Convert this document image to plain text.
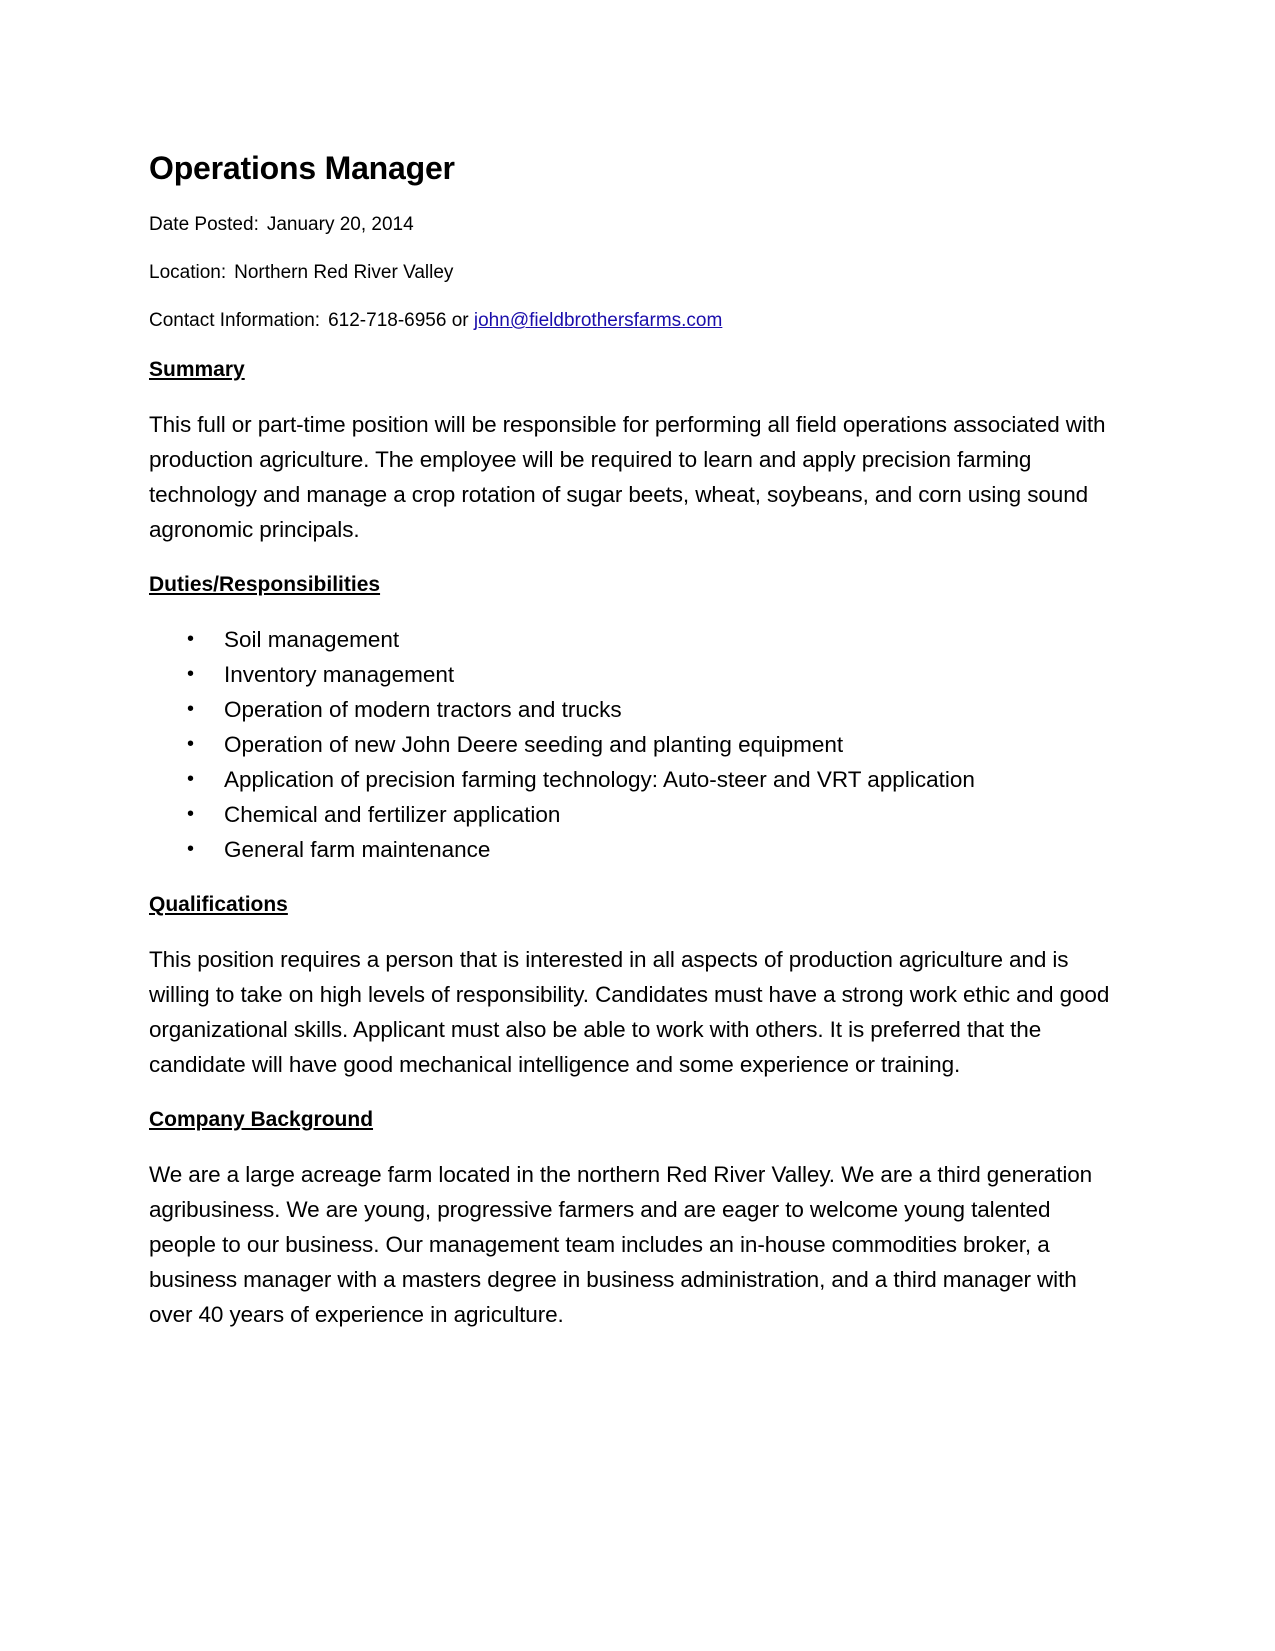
Operations Manager

Date Posted: January 20, 2014

Location: Northern Red River Valley

Contact Information: 612-718-6956 or john@fieldbrothersfarms.com

Summary

This full or part-time position will be responsible for performing all field operations associated with production agriculture. The employee will be required to learn and apply precision farming technology and manage a crop rotation of sugar beets, wheat, soybeans, and corn using sound agronomic principals.

Duties/Responsibilities
• Soil management
• Inventory management
• Operation of modern tractors and trucks
• Operation of new John Deere seeding and planting equipment
• Application of precision farming technology: Auto-steer and VRT application
• Chemical and fertilizer application
• General farm maintenance
Qualifications

This position requires a person that is interested in all aspects of production agriculture and is willing to take on high levels of responsibility. Candidates must have a strong work ethic and good organizational skills. Applicant must also be able to work with others. It is preferred that the candidate will have good mechanical intelligence and some experience or training.

Company Background

We are a large acreage farm located in the northern Red River Valley. We are a third generation agribusiness. We are young, progressive farmers and are eager to welcome young talented people to our business. Our management team includes an in-house commodities broker, a business manager with a masters degree in business administration, and a third manager with over 40 years of experience in agriculture.
